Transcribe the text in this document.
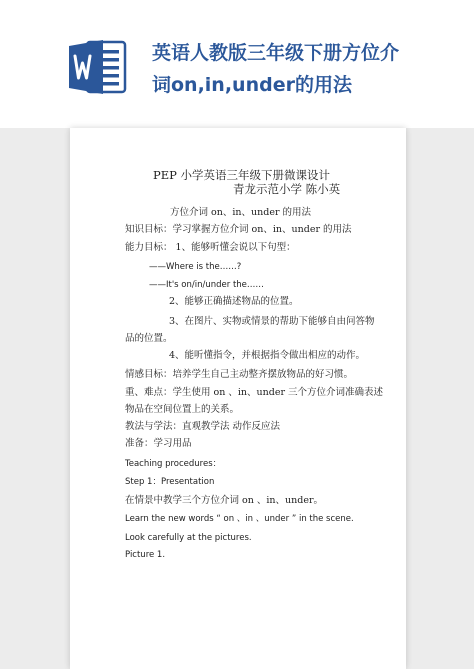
英语人教版三年级下册方位介
词on,in,under的用法
PEP 小学英语三年级下册微课设计
青龙示范小学 陈小英
方位介词 on、in、under 的用法
知识目标：学习掌握方位介词 on、in、under 的用法
能力目标： 1、能够听懂会说以下句型：
——Where is the……?
——It's on/in/under the……
2、能够正确描述物品的位置。
3、在图片、实物或情景的帮助下能够自由问答物
品的位置。
4、能听懂指令，并根据指令做出相应的动作。
情感目标：培养学生自己主动整齐摆放物品的好习惯。
重、难点：学生使用 on 、in、under 三个方位介词准确表述
物品在空间位置上的关系。
教法与学法：直观教学法 动作反应法
准备：学习用品
Teaching procedures：
Step 1：Presentation
在情景中教学三个方位介词 on 、in、under。
Learn the new words “ on 、in 、under ” in the scene.
Look carefully at the pictures.
Picture 1.
